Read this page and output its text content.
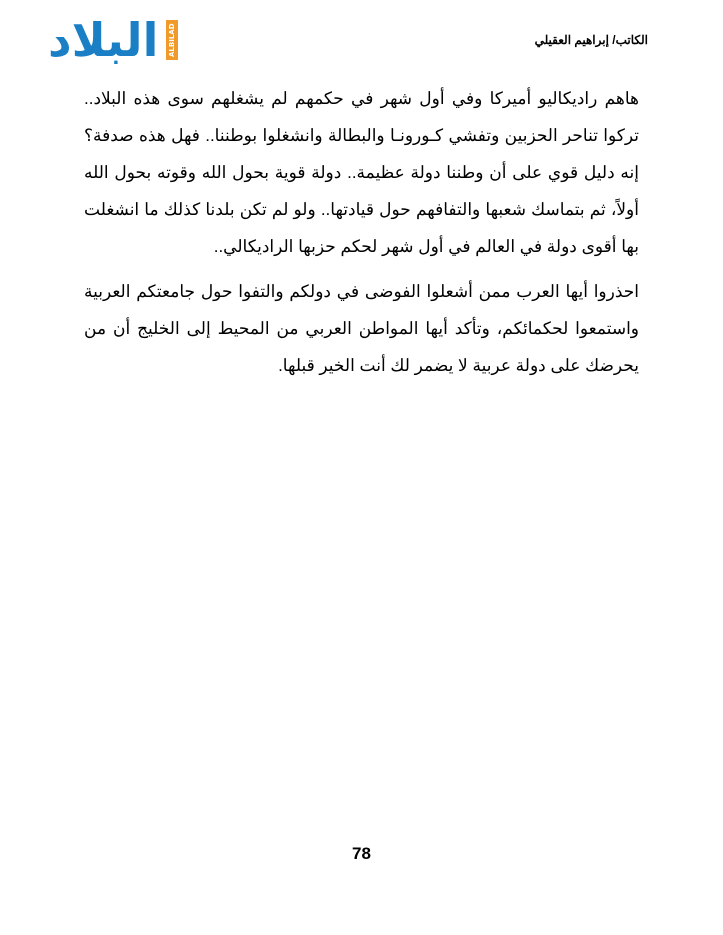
البلاد ALBILAD TV	الكاتب/ إبراهيم العقيلي

هاهم راديكاليو أميركا وفي أول شهر في حكمهم لم يشغلهم سوى هذه البلاد.. تركوا تناحر الحزبين وتفشي كـورونـا والبطالة وانشغلوا بوطننا.. فهل هذه صدفة؟ إنه دليل قوي على أن وطننا دولة عظيمة.. دولة قوية بحول الله وقوته بحول الله أولاً، ثم بتماسك شعبها والتفافهم حول قيادتها.. ولو لم تكن بلدنا كذلك ما انشغلت بها أقوى دولة في العالم في أول شهر لحكم حزبها الراديكالي..

احذروا أيها العرب ممن أشعلوا الفوضى في دولكم والتفوا حول جامعتكم العربية واستمعوا لحكمائكم، وتأكد أيها المواطن العربي من المحيط إلى الخليج أن من يحرضك على دولة عربية لا يضمر لك أنت الخير قبلها.

78
